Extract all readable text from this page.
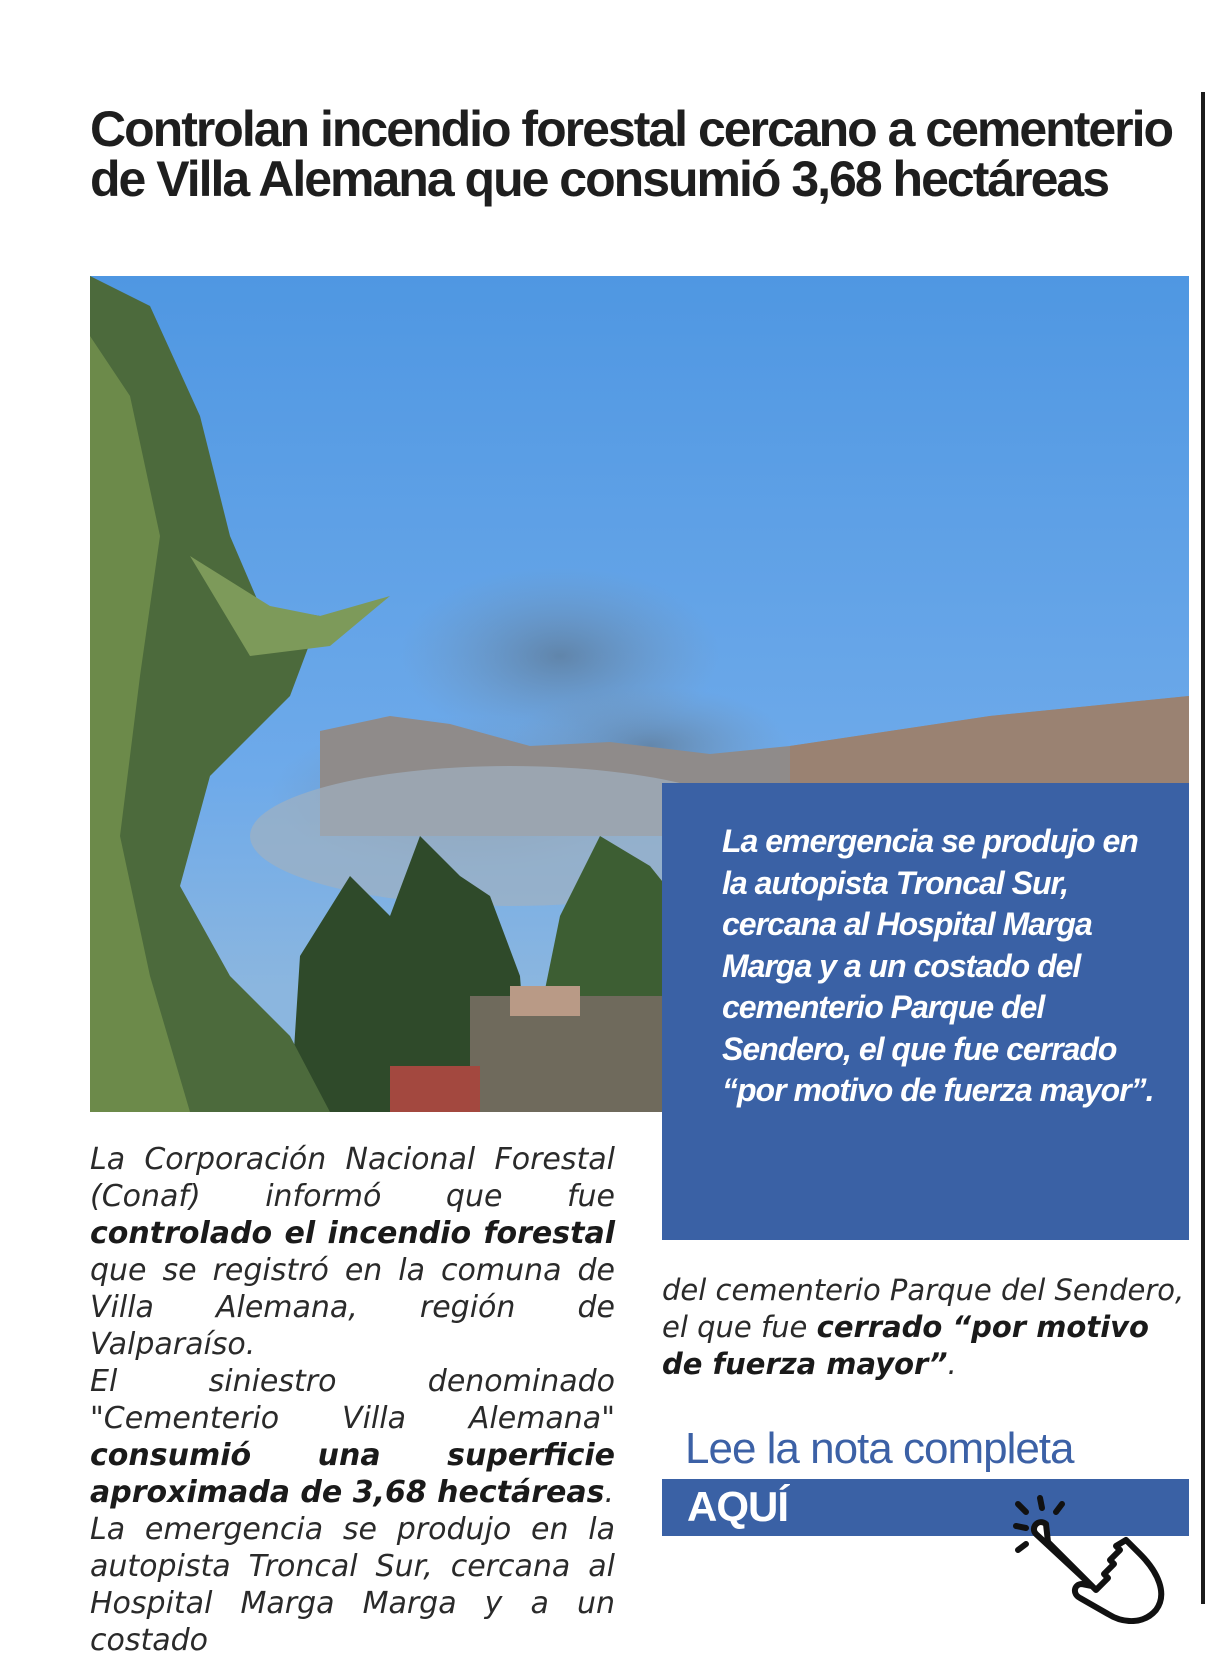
Controlan incendio forestal cercano a cementerio de Villa Alemana que consumió 3,68 hectáreas

La emergencia se produjo en la autopista Troncal Sur, cercana al Hospital Marga Marga y a un costado del cementerio Parque del Sendero, el que fue cerrado “por motivo de fuerza mayor”.

La Corporación Nacional Forestal (Conaf) informó que fue controlado el incendio forestal que se registró en la comuna de Villa Alemana, región de Valparaíso.

El siniestro denominado "Cementerio Villa Alemana" consumió una superficie aproximada de 3,68 hectáreas.

La emergencia se produjo en la autopista Troncal Sur, cercana al Hospital Marga Marga y a un costado

del cementerio Parque del Sendero, el que fue cerrado “por motivo de fuerza mayor”.

Lee la nota completa

AQUÍ
